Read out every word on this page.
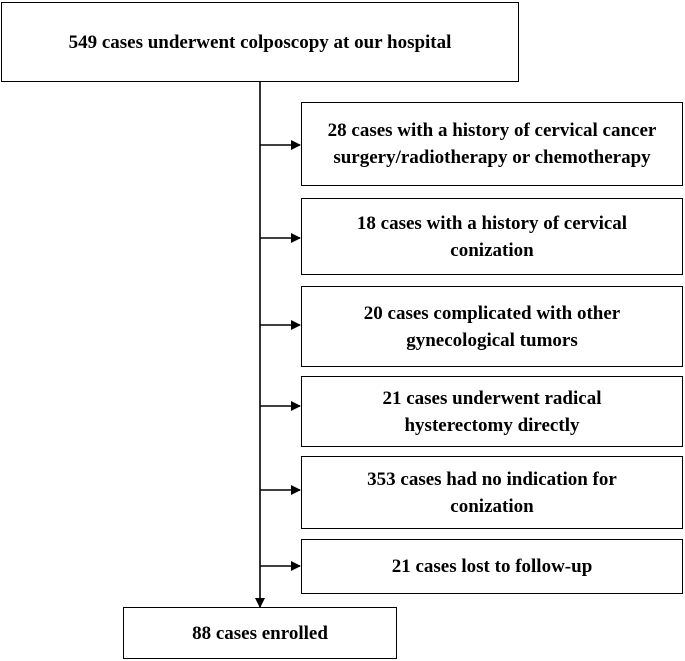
549 cases underwent colposcopy at our hospital
28 cases with a history of cervical cancer
surgery/radiotherapy or chemotherapy
18 cases with a history of cervical
conization
20 cases complicated with other
gynecological tumors
21 cases underwent radical
hysterectomy directly
353 cases had no indication for
conization
21 cases lost to follow-up
88 cases enrolled
